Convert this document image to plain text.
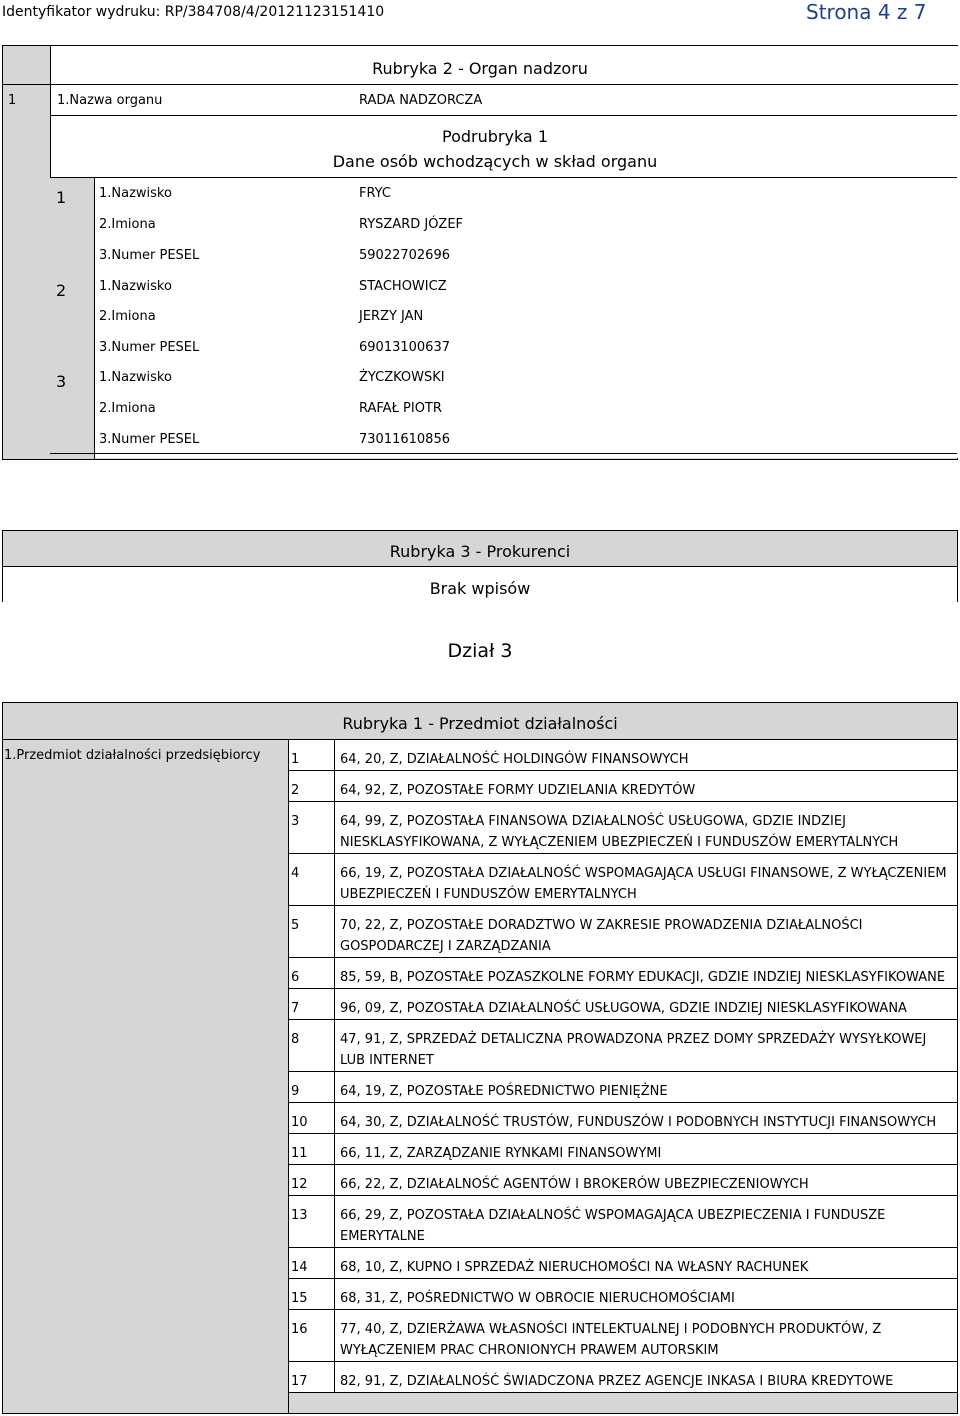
Identyfikator wydruku: RP/384708/4/20121123151410	Strona 4 z 7
Rubryka 2 - Organ nadzoru
1	1.Nazwa organu	RADA NADZORCZA
Podrubryka 1
Dane osób wchodzących w skład organu
1	1.Nazwisko	FRYC
2.Imiona	RYSZARD JÓZEF
3.Numer PESEL	59022702696
2	1.Nazwisko	STACHOWICZ
2.Imiona	JERZY JAN
3.Numer PESEL	69013100637
3	1.Nazwisko	ŻYCZKOWSKI
2.Imiona	RAFAŁ PIOTR
3.Numer PESEL	73011610856
Rubryka 3 - Prokurenci
Brak wpisów
Dział 3
Rubryka 1 - Przedmiot działalności
1.Przedmiot działalności przedsiębiorcy 1	64, 20, Z, DZIAŁALNOŚĆ HOLDINGÓW FINANSOWYCH
2	64, 92, Z, POZOSTAŁE FORMY UDZIELANIA KREDYTÓW
3	64, 99, Z, POZOSTAŁA FINANSOWA DZIAŁALNOŚĆ USŁUGOWA, GDZIE INDZIEJ NIESKLASYFIKOWANA, Z WYŁĄCZENIEM UBEZPIECZEŃ I FUNDUSZÓW EMERYTALNYCH
4	66, 19, Z, POZOSTAŁA DZIAŁALNOŚĆ WSPOMAGAJĄCA USŁUGI FINANSOWE, Z WYŁĄCZENIEM UBEZPIECZEŃ I FUNDUSZÓW EMERYTALNYCH
5	70, 22, Z, POZOSTAŁE DORADZTWO W ZAKRESIE PROWADZENIA DZIAŁALNOŚCI GOSPODARCZEJ I ZARZĄDZANIA
6	85, 59, B, POZOSTAŁE POZASZKOLNE FORMY EDUKACJI, GDZIE INDZIEJ NIESKLASYFIKOWANE
7	96, 09, Z, POZOSTAŁA DZIAŁALNOŚĆ USŁUGOWA, GDZIE INDZIEJ NIESKLASYFIKOWANA
8	47, 91, Z, SPRZEDAŻ DETALICZNA PROWADZONA PRZEZ DOMY SPRZEDAŻY WYSYŁKOWEJ LUB INTERNET
9	64, 19, Z, POZOSTAŁE POŚREDNICTWO PIENIĘŻNE
10 64, 30, Z, DZIAŁALNOŚĆ TRUSTÓW, FUNDUSZÓW I PODOBNYCH INSTYTUCJI FINANSOWYCH
11 66, 11, Z, ZARZĄDZANIE RYNKAMI FINANSOWYMI
12 66, 22, Z, DZIAŁALNOŚĆ AGENTÓW I BROKERÓW UBEZPIECZENIOWYCH
13 66, 29, Z, POZOSTAŁA DZIAŁALNOŚĆ WSPOMAGAJĄCA UBEZPIECZENIA I FUNDUSZE EMERYTALNE
14 68, 10, Z, KUPNO I SPRZEDAŻ NIERUCHOMOŚCI NA WŁASNY RACHUNEK
15 68, 31, Z, POŚREDNICTWO W OBROCIE NIERUCHOMOŚCIAMI
16 77, 40, Z, DZIERŻAWA WŁASNOŚCI INTELEKTUALNEJ I PODOBNYCH PRODUKTÓW, Z WYŁĄCZENIEM PRAC CHRONIONYCH PRAWEM AUTORSKIM
17 82, 91, Z, DZIAŁALNOŚĆ ŚWIADCZONA PRZEZ AGENCJE INKASA I BIURA KREDYTOWE
